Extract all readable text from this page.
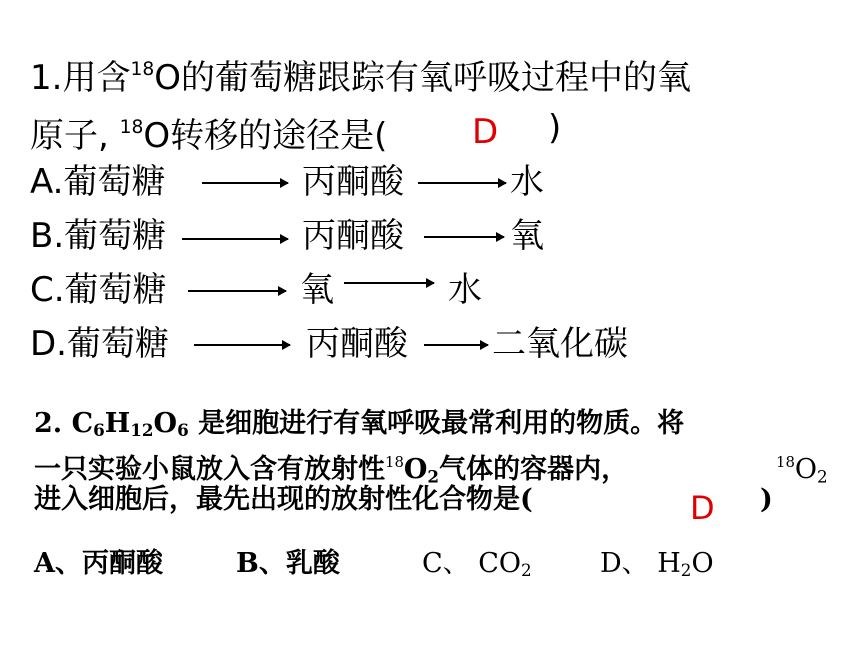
1.用含$^{18}$O的葡萄糖跟踪有氧呼吸过程中的氧
原子, $^{18}$O转移的途径是( D )
A.葡萄糖	丙酮酸	水
B.葡萄糖	丙酮酸	氧
C.葡萄糖	氧	水
D.葡萄糖	丙酮酸 二氧化碳
2. $C_6H_{12}O_6$ 是细胞进行有氧呼吸最常利用的物质。将
一只实验小鼠放入含有放射性$^{18}O_2$气体的容器内，	$^{18}O_2$
进入细胞后，最先出现的放射性化合物是(	D )
A、丙酮酸	B、乳酸	C、 $CO_2$	D、 $H_2O$
